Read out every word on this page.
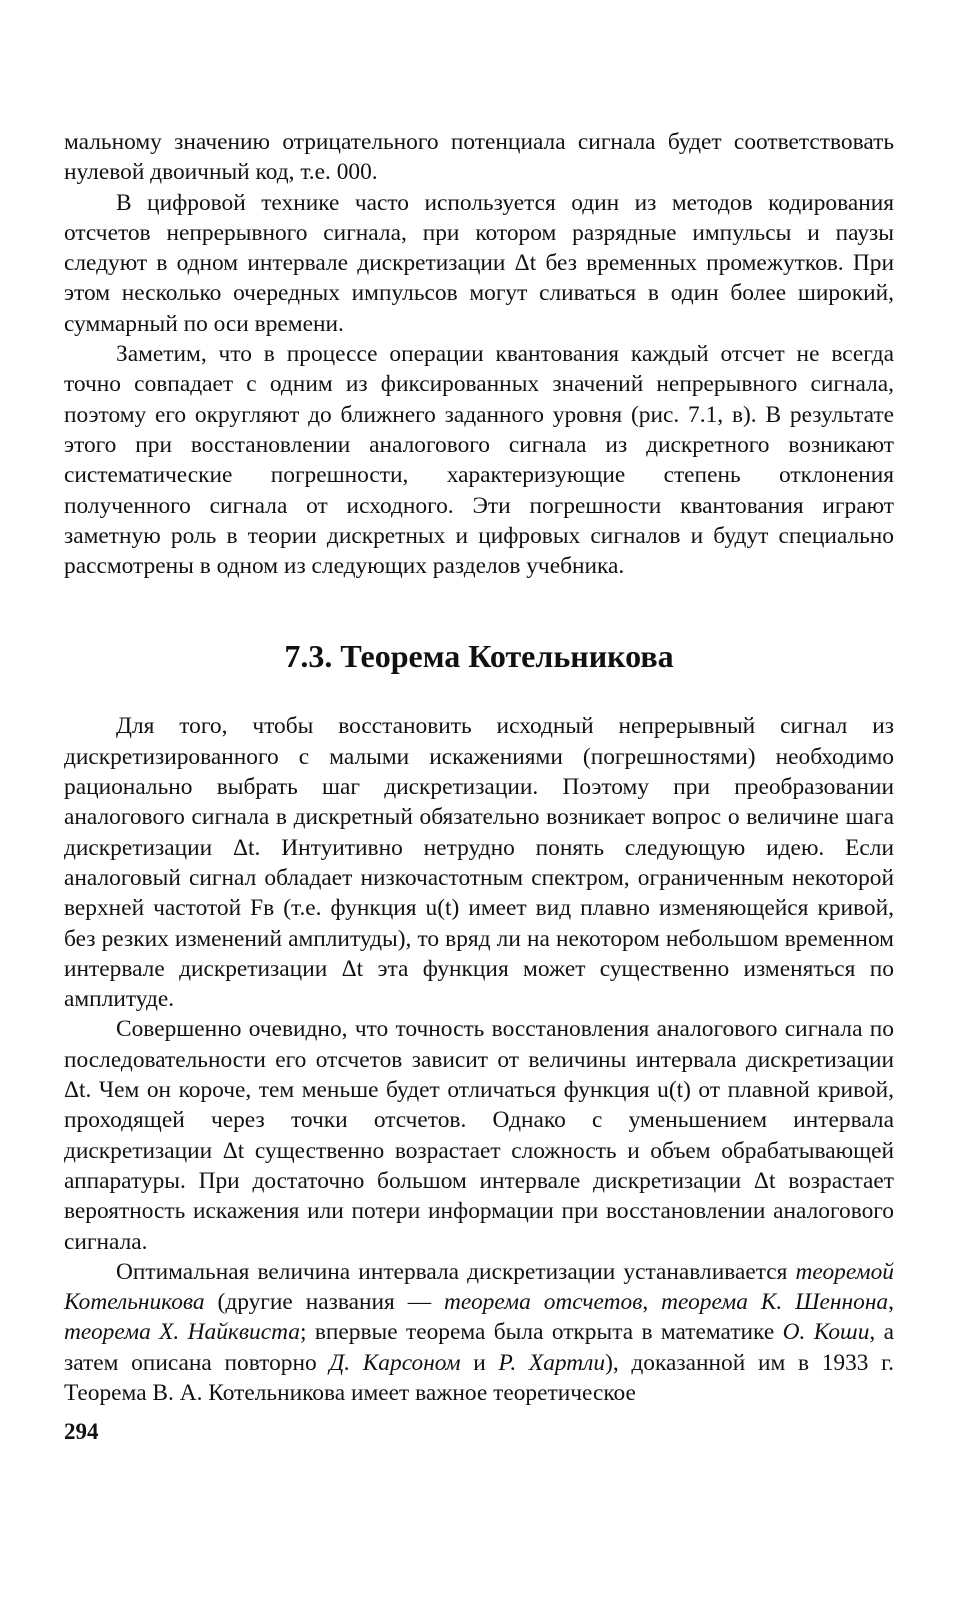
мальному значению отрицательного потенциала сигнала будет соответствовать нулевой двоичный код, т.е. 000.

В цифровой технике часто используется один из методов кодирования отсчетов непрерывного сигнала, при котором разрядные импульсы и паузы следуют в одном интервале дискретизации Δt без временных промежутков. При этом несколько очередных импульсов могут сливаться в один более широкий, суммарный по оси времени.

Заметим, что в процессе операции квантования каждый отсчет не всегда точно совпадает с одним из фиксированных значений непрерывного сигнала, поэтому его округляют до ближнего заданного уровня (рис. 7.1, в). В результате этого при восстановлении аналогового сигнала из дискретного возникают систематические погрешности, характеризующие степень отклонения полученного сигнала от исходного. Эти погрешности квантования играют заметную роль в теории дискретных и цифровых сигналов и будут специально рассмотрены в одном из следующих разделов учебника.

7.3. Теорема Котельникова

Для того, чтобы восстановить исходный непрерывный сигнал из дискретизированного с малыми искажениями (погрешностями) необходимо рационально выбрать шаг дискретизации. Поэтому при преобразовании аналогового сигнала в дискретный обязательно возникает вопрос о величине шага дискретизации Δt. Интуитивно нетрудно понять следующую идею. Если аналоговый сигнал обладает низкочастотным спектром, ограниченным некоторой верхней частотой Fв (т.е. функция u(t) имеет вид плавно изменяющейся кривой, без резких изменений амплитуды), то вряд ли на некотором небольшом временном интервале дискретизации Δt эта функция может существенно изменяться по амплитуде.

Совершенно очевидно, что точность восстановления аналогового сигнала по последовательности его отсчетов зависит от величины интервала дискретизации Δt. Чем он короче, тем меньше будет отличаться функция u(t) от плавной кривой, проходящей через точки отсчетов. Однако с уменьшением интервала дискретизации Δt существенно возрастает сложность и объем обрабатывающей аппаратуры. При достаточно большом интервале дискретизации Δt возрастает вероятность искажения или потери информации при восстановлении аналогового сигнала.

Оптимальная величина интервала дискретизации устанавливается теоремой Котельникова (другие названия — теорема отсчетов, теорема К. Шеннона, теорема Х. Найквиста; впервые теорема была открыта в математике О. Коши, а затем описана повторно Д. Карсоном и Р. Хартли), доказанной им в 1933 г. Теорема В. А. Котельникова имеет важное теоретическое

294
